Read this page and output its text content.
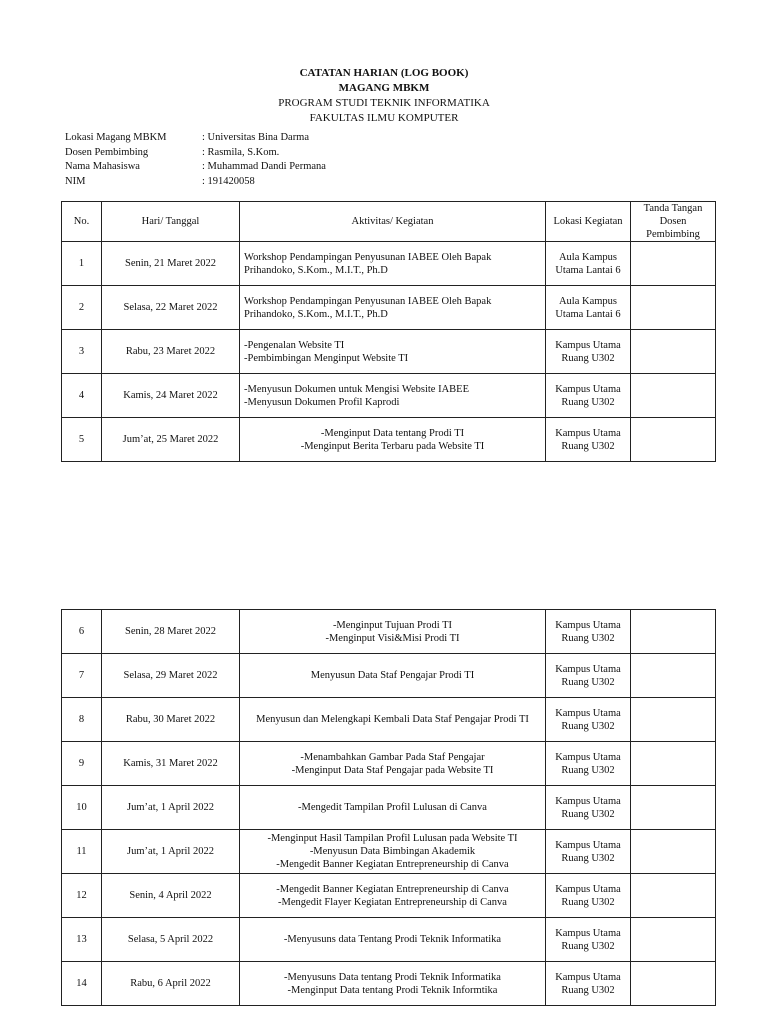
CATATAN HARIAN (LOG BOOK)
MAGANG MBKM
PROGRAM STUDI TEKNIK INFORMATIKA
FAKULTAS ILMU KOMPUTER
Lokasi Magang MBKM	: Universitas Bina Darma
Dosen Pembimbing	: Rasmila, S.Kom.
Nama Mahasiswa	: Muhammad Dandi Permana
NIM	: 191420058
No.	Hari/ Tanggal	Aktivitas/ Kegiatan	Lokasi Kegiatan	Tanda Tangan Dosen Pembimbing
1	Senin, 21 Maret 2022	Workshop Pendampingan Penyusunan IABEE Oleh Bapak
Prihandoko, S.Kom., M.I.T., Ph.D	Aula Kampus
Utama Lantai 6	
2	Selasa, 22 Maret 2022	Workshop Pendampingan Penyusunan IABEE Oleh Bapak
Prihandoko, S.Kom., M.I.T., Ph.D	Aula Kampus
Utama Lantai 6	
3	Rabu, 23 Maret 2022	-Pengenalan Website TI
-Pembimbingan Menginput Website TI	Kampus Utama
Ruang U302	
4	Kamis, 24 Maret 2022	-Menyusun Dokumen untuk Mengisi Website IABEE
-Menyusun Dokumen Profil Kaprodi	Kampus Utama
Ruang U302	
5	Jum’at, 25 Maret 2022	-Menginput Data tentang Prodi TI
-Menginput Berita Terbaru pada Website TI	Kampus Utama
Ruang U302	
6	Senin, 28 Maret 2022	-Menginput Tujuan Prodi TI
-Menginput Visi&Misi Prodi TI	Kampus Utama
Ruang U302	
7	Selasa, 29 Maret 2022	Menyusun Data Staf Pengajar Prodi TI	Kampus Utama
Ruang U302	
8	Rabu, 30 Maret 2022	Menyusun dan Melengkapi Kembali Data Staf Pengajar Prodi TI	Kampus Utama
Ruang U302	
9	Kamis, 31 Maret 2022	-Menambahkan Gambar Pada Staf Pengajar
-Menginput Data Staf Pengajar pada Website TI	Kampus Utama
Ruang U302	
10	Jum’at, 1 April 2022	-Mengedit Tampilan Profil Lulusan di Canva	Kampus Utama
Ruang U302	
11	Jum’at, 1 April 2022	-Menginput Hasil Tampilan Profil Lulusan pada Website TI
-Menyusun Data Bimbingan Akademik
-Mengedit Banner Kegiatan Entrepreneurship di Canva	Kampus Utama
Ruang U302	
12	Senin, 4 April 2022	-Mengedit Banner Kegiatan Entrepreneurship di Canva
-Mengedit Flayer Kegiatan Entrepreneurship di Canva	Kampus Utama
Ruang U302	
13	Selasa, 5 April 2022	-Menyusuns data Tentang Prodi Teknik Informatika	Kampus Utama
Ruang U302	
14	Rabu, 6 April 2022	-Menyusuns Data tentang Prodi Teknik Informatika
-Menginput Data tentang Prodi Teknik Informtika	Kampus Utama
Ruang U302	
